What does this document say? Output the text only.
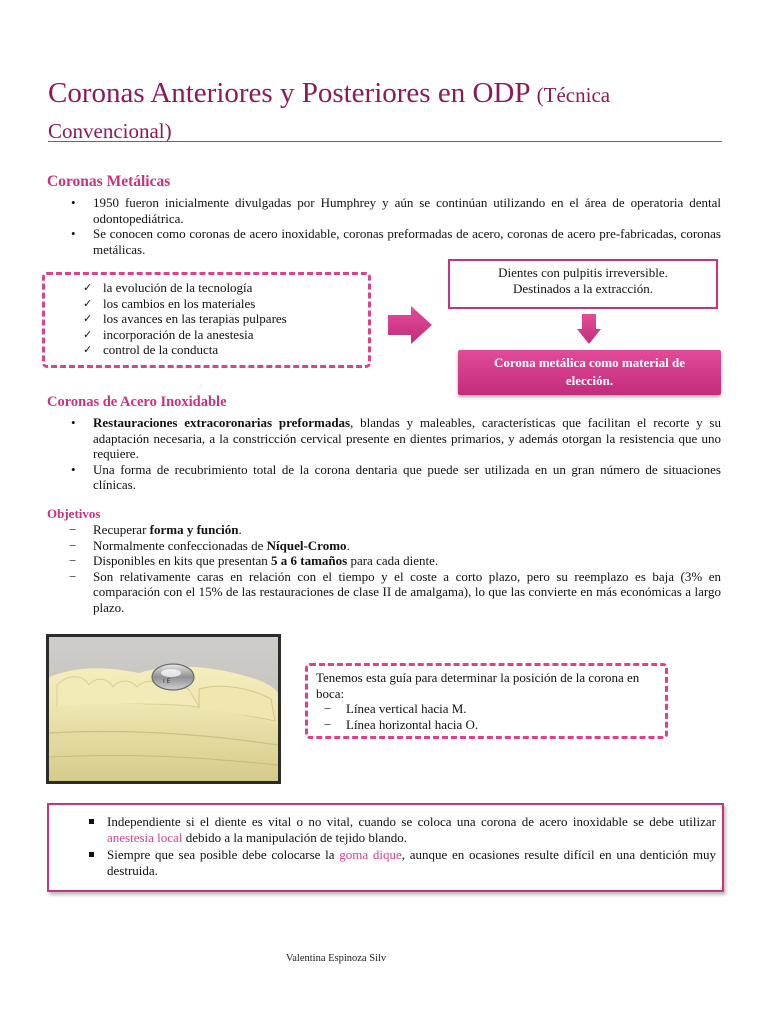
Coronas Anteriores y Posteriores en ODP (Técnica
Convencional)
Coronas Metálicas
• 1950 fueron inicialmente divulgadas por Humphrey y aún se continúan utilizando en el área de operatoria dental odontopediátrica.
• Se conocen como coronas de acero inoxidable, coronas preformadas de acero, coronas de acero pre-fabricadas, coronas metálicas.
✓ la evolución de la tecnología
✓ los cambios en los materiales
✓ los avances en las terapias pulpares
✓ incorporación de la anestesia
✓ control de la conducta
Dientes con pulpitis irreversible.
Destinados a la extracción.
Corona metálica como material de
elección.
Coronas de Acero Inoxidable
• Restauraciones extracoronarias preformadas, blandas y maleables, características que facilitan el recorte y su adaptación necesaria, a la constricción cervical presente en dientes primarios, y además otorgan la resistencia que uno requiere.
• Una forma de recubrimiento total de la corona dentaria que puede ser utilizada en un gran número de situaciones clínicas.
Objetivos
− Recuperar forma y función.
− Normalmente confeccionadas de Níquel-Cromo.
− Disponibles en kits que presentan 5 a 6 tamaños para cada diente.
− Son relativamente caras en relación con el tiempo y el coste a corto plazo, pero su reemplazo es baja (3% en comparación con el 15% de las restauraciones de clase II de amalgama), lo que las convierte en más económicas a largo plazo.
I E	Tenemos esta guía para determinar la posición de la corona en boca:
− Línea vertical hacia M.
− Línea horizontal hacia O.
Independiente si el diente es vital o no vital, cuando se coloca una corona de acero inoxidable se debe utilizar anestesia local debido a la manipulación de tejido blando.
Siempre que sea posible debe colocarse la goma dique, aunque en ocasiones resulte difícil en una dentición muy destruida.
Valentina Espinoza Silv
